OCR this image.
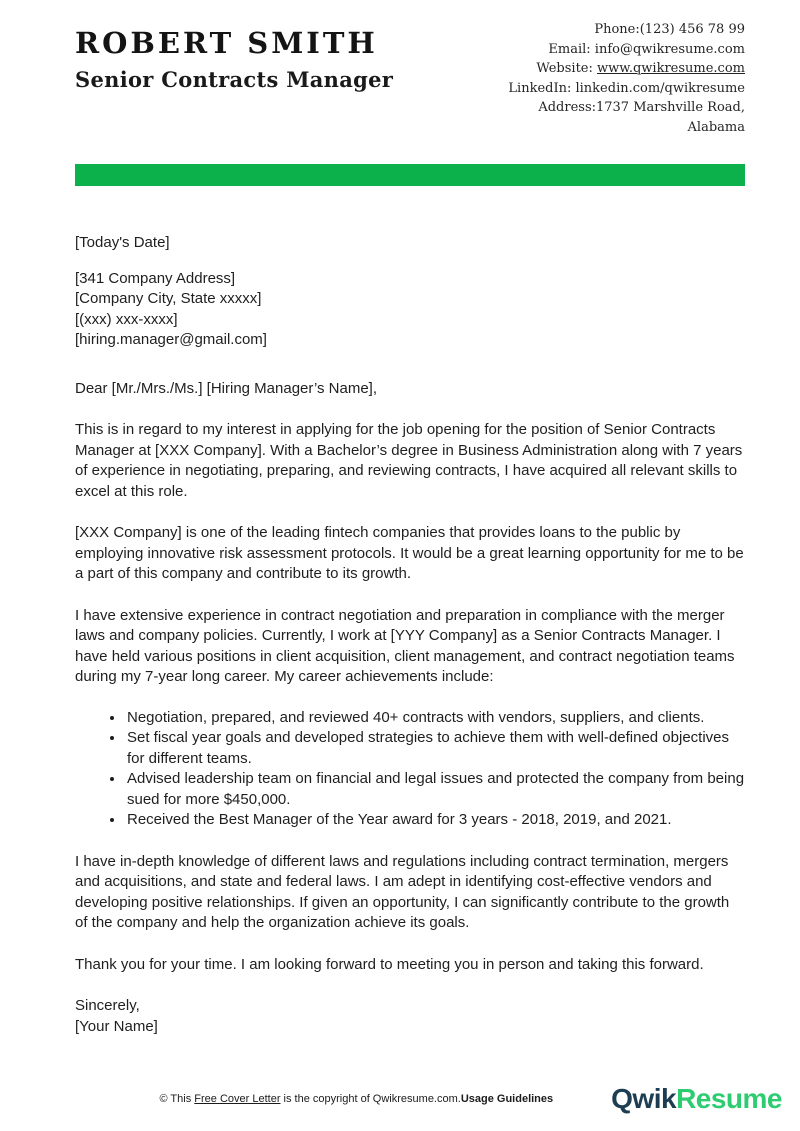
ROBERT SMITH
Senior Contracts Manager
Phone:(123) 456 78 99
Email: info@qwikresume.com
Website: www.qwikresume.com
LinkedIn: linkedin.com/qwikresume
Address:1737 Marshville Road,
Alabama
[Today's Date]
[341 Company Address]
[Company City, State xxxxx]
[(xxx) xxx-xxxx]
[hiring.manager@gmail.com]

Dear [Mr./Mrs./Ms.] [Hiring Manager’s Name],

This is in regard to my interest in applying for the job opening for the position of Senior Contracts Manager at [XXX Company]. With a Bachelor’s degree in Business Administration along with 7 years of experience in negotiating, preparing, and reviewing contracts, I have acquired all relevant skills to excel at this role.

[XXX Company] is one of the leading fintech companies that provides loans to the public by employing innovative risk assessment protocols. It would be a great learning opportunity for me to be a part of this company and contribute to its growth.

I have extensive experience in contract negotiation and preparation in compliance with the merger laws and company policies. Currently, I work at [YYY Company] as a Senior Contracts Manager. I have held various positions in client acquisition, client management, and contract negotiation teams during my 7-year long career. My career achievements include:

• Negotiation, prepared, and reviewed 40+ contracts with vendors, suppliers, and clients.
• Set fiscal year goals and developed strategies to achieve them with well-defined objectives for different teams.
• Advised leadership team on financial and legal issues and protected the company from being sued for more $450,000.
• Received the Best Manager of the Year award for 3 years - 2018, 2019, and 2021.

I have in-depth knowledge of different laws and regulations including contract termination, mergers and acquisitions, and state and federal laws. I am adept in identifying cost-effective vendors and developing positive relationships. If given an opportunity, I can significantly contribute to the growth of the company and help the organization achieve its goals.

Thank you for your time. I am looking forward to meeting you in person and taking this forward.

Sincerely,
[Your Name]
© This Free Cover Letter is the copyright of Qwikresume.com.Usage Guidelines QwikResume
